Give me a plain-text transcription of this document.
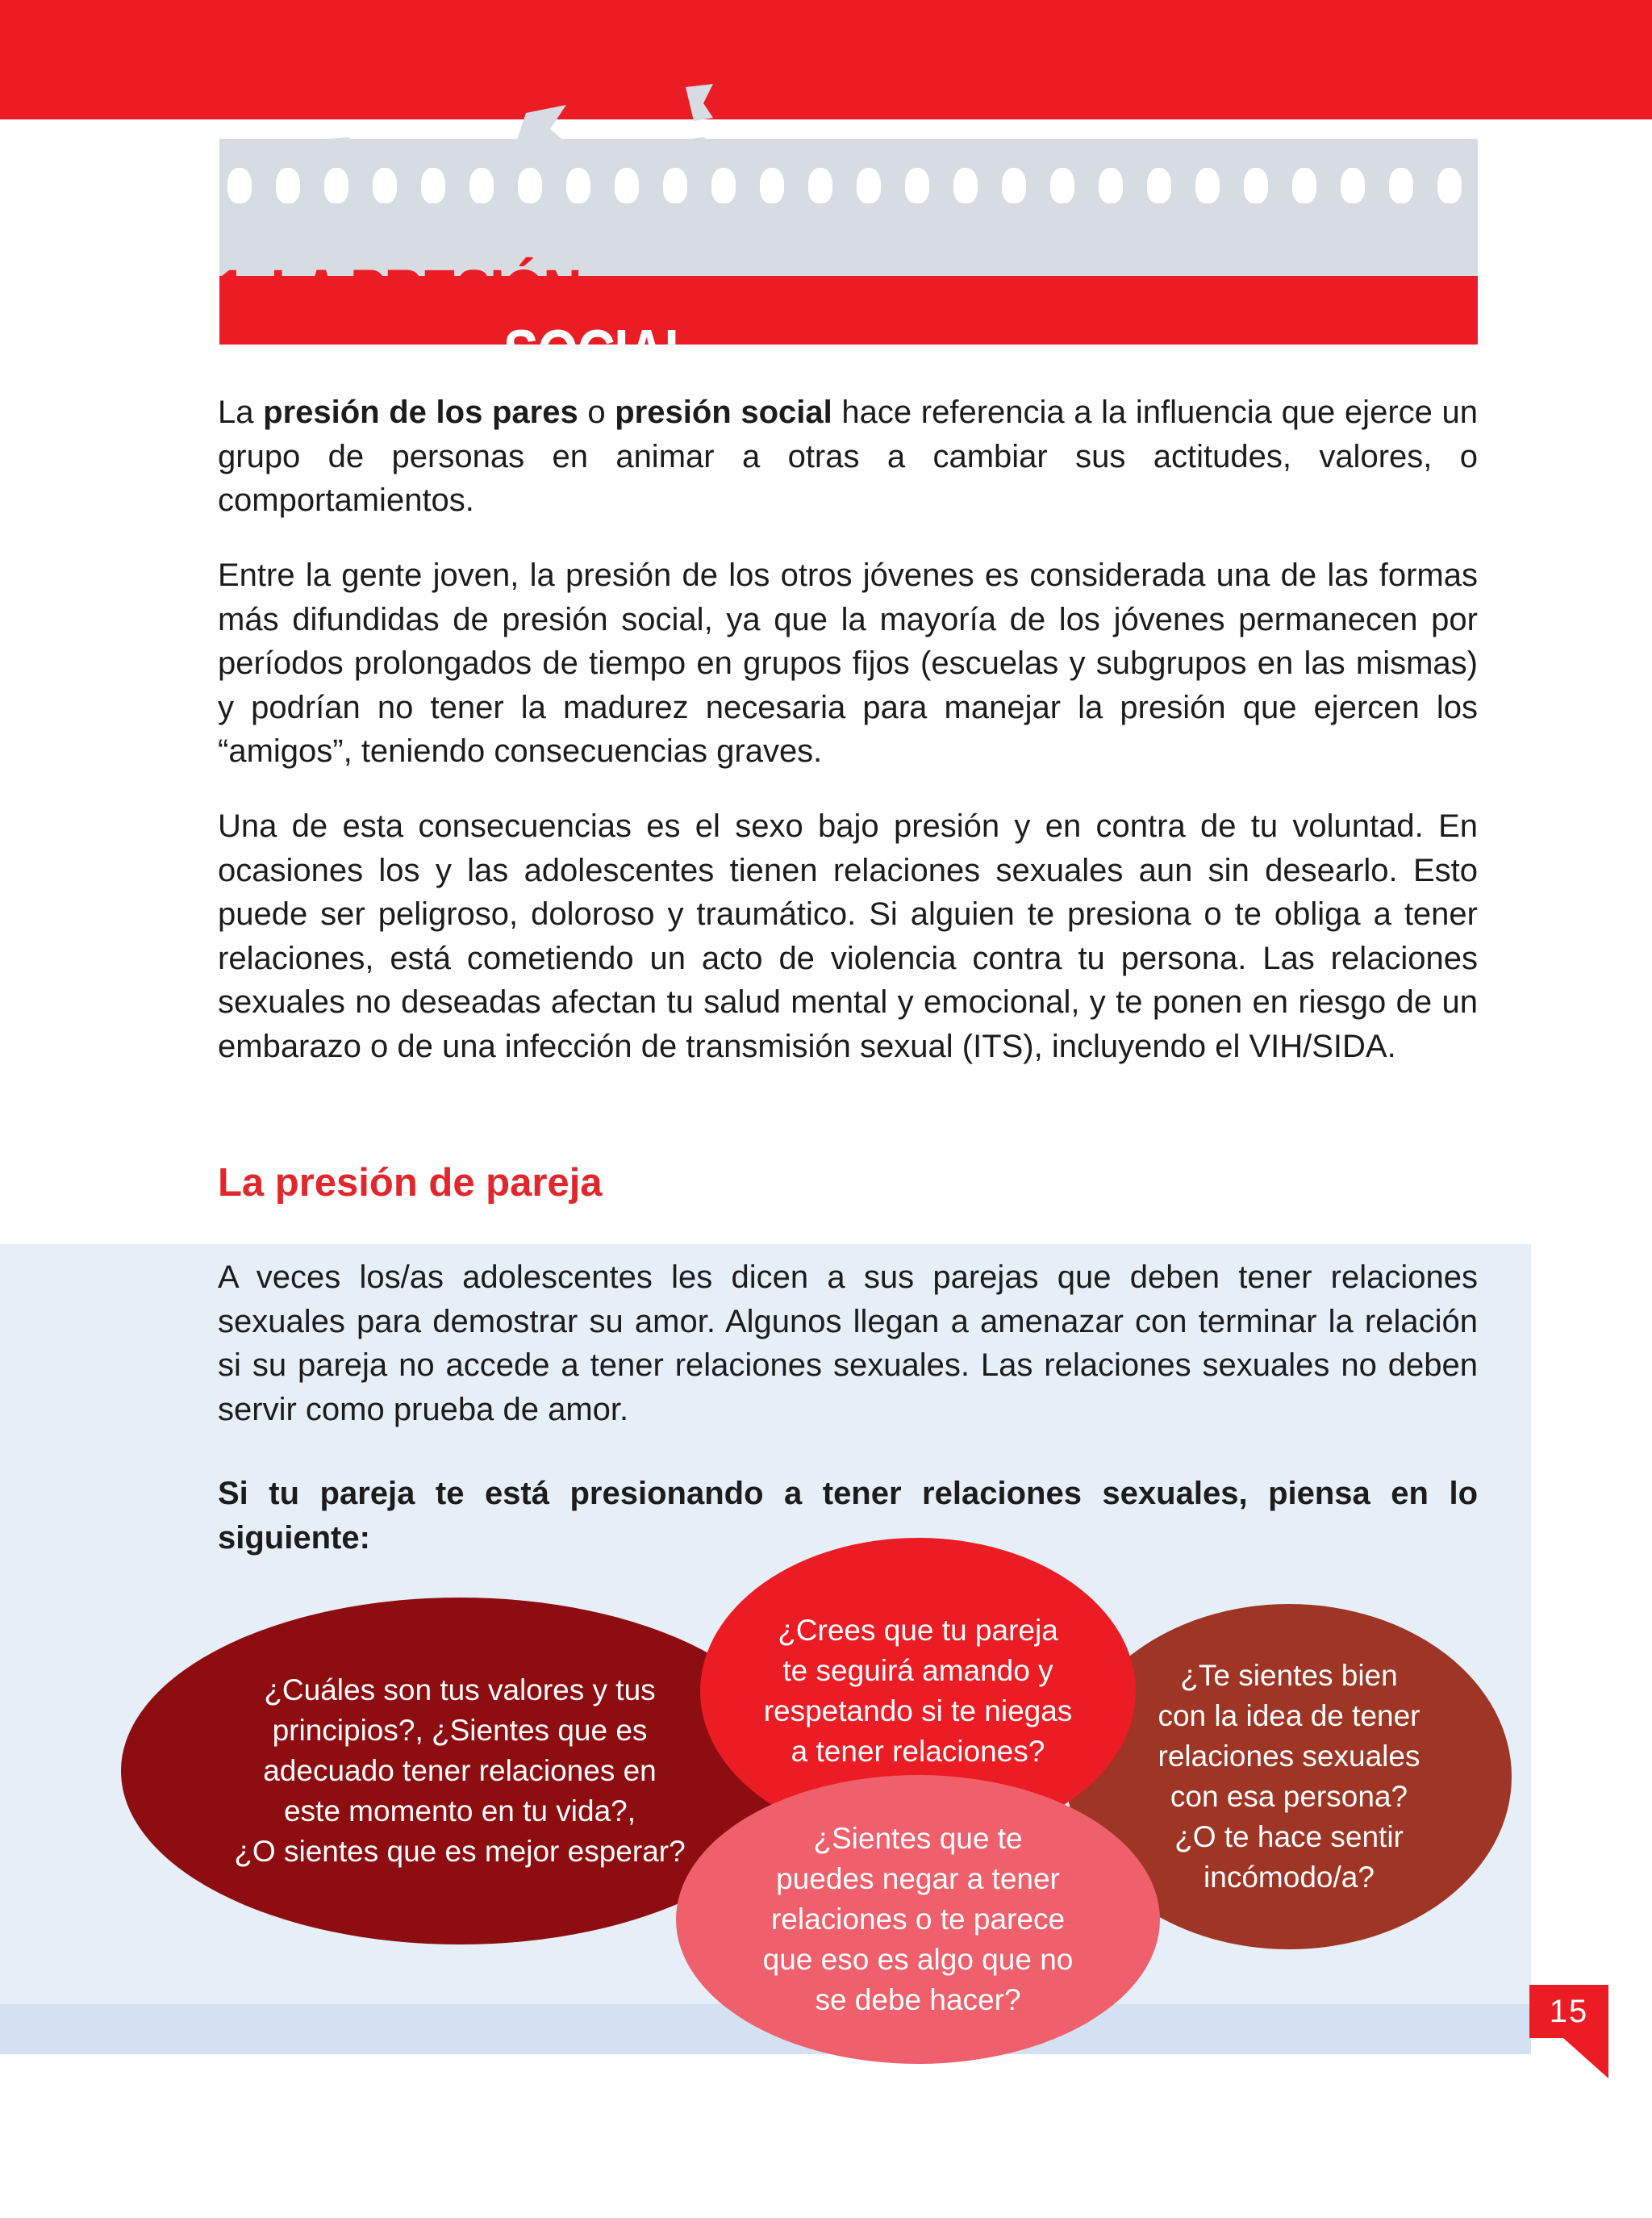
1. LA PRESIÓN
SOCIAL

La presión de los pares o presión social hace referencia a la influencia que ejerce un grupo de personas en animar a otras a cambiar sus actitudes, valores, o comportamientos.

Entre la gente joven, la presión de los otros jóvenes es considerada una de las formas más difundidas de presión social, ya que la mayoría de los jóvenes permanecen por períodos prolongados de tiempo en grupos fijos (escuelas y subgrupos en las mismas) y podrían no tener la madurez necesaria para manejar la presión que ejercen los “amigos”, teniendo consecuencias graves.

Una de esta consecuencias es el sexo bajo presión y en contra de tu voluntad. En ocasiones los y las adolescentes tienen relaciones sexuales aun sin desearlo. Esto puede ser peligroso, doloroso y traumático. Si alguien te presiona o te obliga a tener relaciones, está cometiendo un acto de violencia contra tu persona. Las relaciones sexuales no deseadas afectan tu salud mental y emocional, y te ponen en riesgo de un embarazo o de una infección de transmisión sexual (ITS), incluyendo el VIH/SIDA.

La presión de pareja

A veces los/as adolescentes les dicen a sus parejas que deben tener relaciones sexuales para demostrar su amor. Algunos llegan a amenazar con terminar la relación si su pareja no accede a tener relaciones sexuales. Las relaciones sexuales no deben servir como prueba de amor.

Si tu pareja te está presionando a tener relaciones sexuales, piensa en lo siguiente:

¿Cuáles son tus valores y tus
principios?, ¿Sientes que es
adecuado tener relaciones en
este momento en tu vida?,
¿O sientes que es mejor esperar?
¿Te sientes bien
con la idea de tener
relaciones sexuales
con esa persona?
¿O te hace sentir
incómodo/a?
¿Crees que tu pareja
te seguirá amando y
respetando si te niegas
a tener relaciones?
¿Sientes que te
puedes negar a tener
relaciones o te parece
que eso es algo que no
se debe hacer?	15
